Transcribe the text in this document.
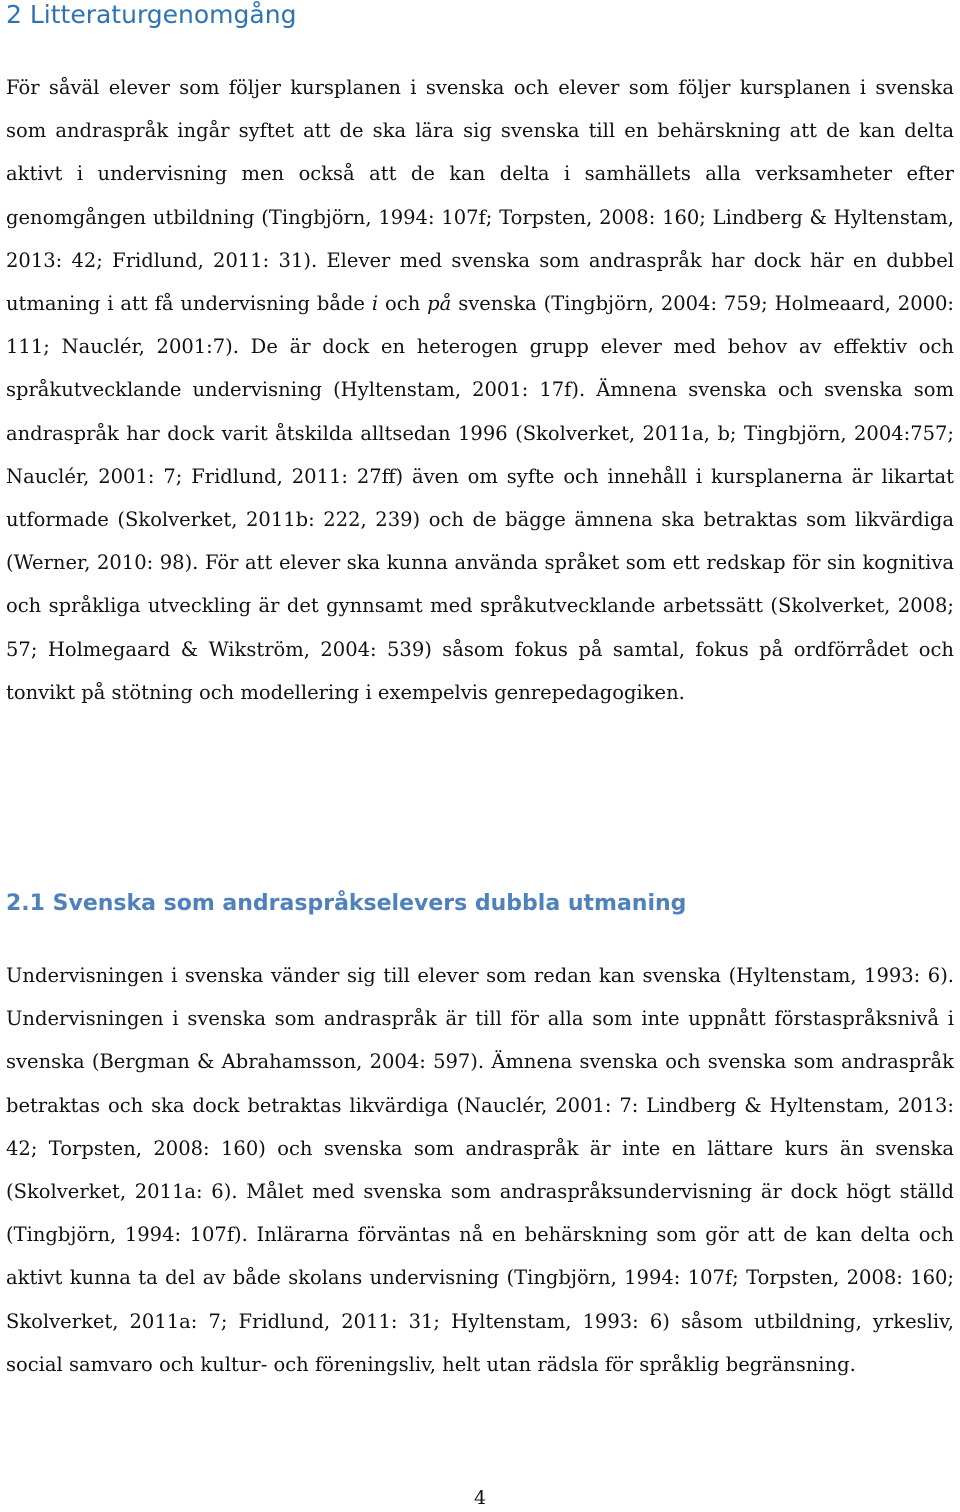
2 Litteraturgenomgång

För såväl elever som följer kursplanen i svenska och elever som följer kursplanen i svenska som andraspråk ingår syftet att de ska lära sig svenska till en behärskning att de kan delta aktivt i undervisning men också att de kan delta i samhällets alla verksamheter efter genomgången utbildning (Tingbjörn, 1994: 107f; Torpsten, 2008: 160; Lindberg & Hyltenstam, 2013: 42; Fridlund, 2011: 31). Elever med svenska som andraspråk har dock här en dubbel utmaning i att få undervisning både i och på svenska (Tingbjörn, 2004: 759; Holmeaard, 2000: 111; Nauclér, 2001:7). De är dock en heterogen grupp elever med behov av effektiv och språkutvecklande undervisning (Hyltenstam, 2001: 17f). Ämnena svenska och svenska som andraspråk har dock varit åtskilda alltsedan 1996 (Skolverket, 2011a, b; Tingbjörn, 2004:757; Nauclér, 2001: 7; Fridlund, 2011: 27ff) även om syfte och innehåll i kursplanerna är likartat utformade (Skolverket, 2011b: 222, 239) och de bägge ämnena ska betraktas som likvärdiga (Werner, 2010: 98). För att elever ska kunna använda språket som ett redskap för sin kognitiva och språkliga utveckling är det gynnsamt med språkutvecklande arbetssätt (Skolverket, 2008; 57; Holmegaard & Wikström, 2004: 539) såsom fokus på samtal, fokus på ordförrådet och tonvikt på stötning och modellering i exempelvis genrepedagogiken.

2.1 Svenska som andraspråkselevers dubbla utmaning

Undervisningen i svenska vänder sig till elever som redan kan svenska (Hyltenstam, 1993: 6). Undervisningen i svenska som andraspråk är till för alla som inte uppnått förstaspråksnivå i svenska (Bergman & Abrahamsson, 2004: 597). Ämnena svenska och svenska som andraspråk betraktas och ska dock betraktas likvärdiga (Nauclér, 2001: 7: Lindberg & Hyltenstam, 2013: 42; Torpsten, 2008: 160) och svenska som andraspråk är inte en lättare kurs än svenska (Skolverket, 2011a: 6). Målet med svenska som andraspråksundervisning är dock högt ställd (Tingbjörn, 1994: 107f). Inlärarna förväntas nå en behärskning som gör att de kan delta och aktivt kunna ta del av både skolans undervisning (Tingbjörn, 1994: 107f; Torpsten, 2008: 160; Skolverket, 2011a: 7; Fridlund, 2011: 31; Hyltenstam, 1993: 6) såsom utbildning, yrkesliv, social samvaro och kultur- och föreningsliv, helt utan rädsla för språklig begränsning.

4
